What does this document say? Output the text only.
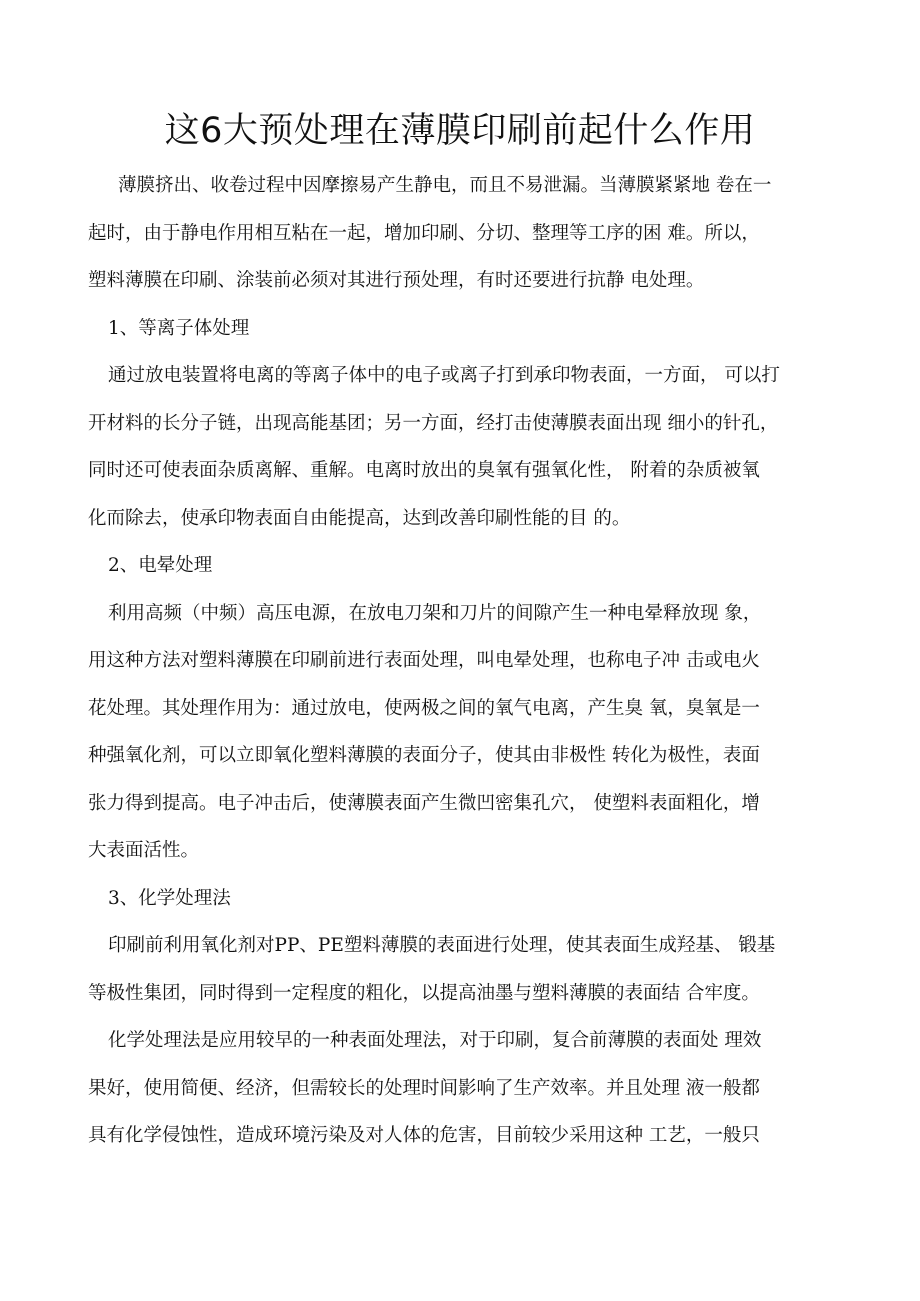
这6大预处理在薄膜印刷前起什么作用
薄膜挤出、收卷过程中因摩擦易产生静电，而且不易泄漏。当薄膜紧紧地 卷在一
起时，由于静电作用相互粘在一起，增加印刷、分切、整理等工序的困 难。所以，
塑料薄膜在印刷、涂装前必须对其进行预处理，有时还要进行抗静 电处理。
1、等离子体处理
通过放电装置将电离的等离子体中的电子或离子打到承印物表面，一方面， 可以打
开材料的长分子链，出现高能基团；另一方面，经打击使薄膜表面出现 细小的针孔，
同时还可使表面杂质离解、重解。电离时放出的臭氧有强氧化性， 附着的杂质被氧
化而除去，使承印物表面自由能提高，达到改善印刷性能的目 的。
2、电晕处理
利用高频（中频）高压电源，在放电刀架和刀片的间隙产生一种电晕释放现 象，
用这种方法对塑料薄膜在印刷前进行表面处理，叫电晕处理，也称电子冲 击或电火
花处理。其处理作用为：通过放电，使两极之间的氧气电离，产生臭 氧，臭氧是一
种强氧化剂，可以立即氧化塑料薄膜的表面分子，使其由非极性 转化为极性，表面
张力得到提高。电子冲击后，使薄膜表面产生微凹密集孔穴， 使塑料表面粗化，增
大表面活性。
3、化学处理法
印刷前利用氧化剂对PP、PE塑料薄膜的表面进行处理，使其表面生成羟基、 锻基
等极性集团，同时得到一定程度的粗化，以提高油墨与塑料薄膜的表面结 合牢度。
化学处理法是应用较早的一种表面处理法，对于印刷，复合前薄膜的表面处 理效
果好，使用简便、经济，但需较长的处理时间影响了生产效率。并且处理 液一般都
具有化学侵蚀性，造成环境污染及对人体的危害，目前较少采用这种 工艺，一般只
